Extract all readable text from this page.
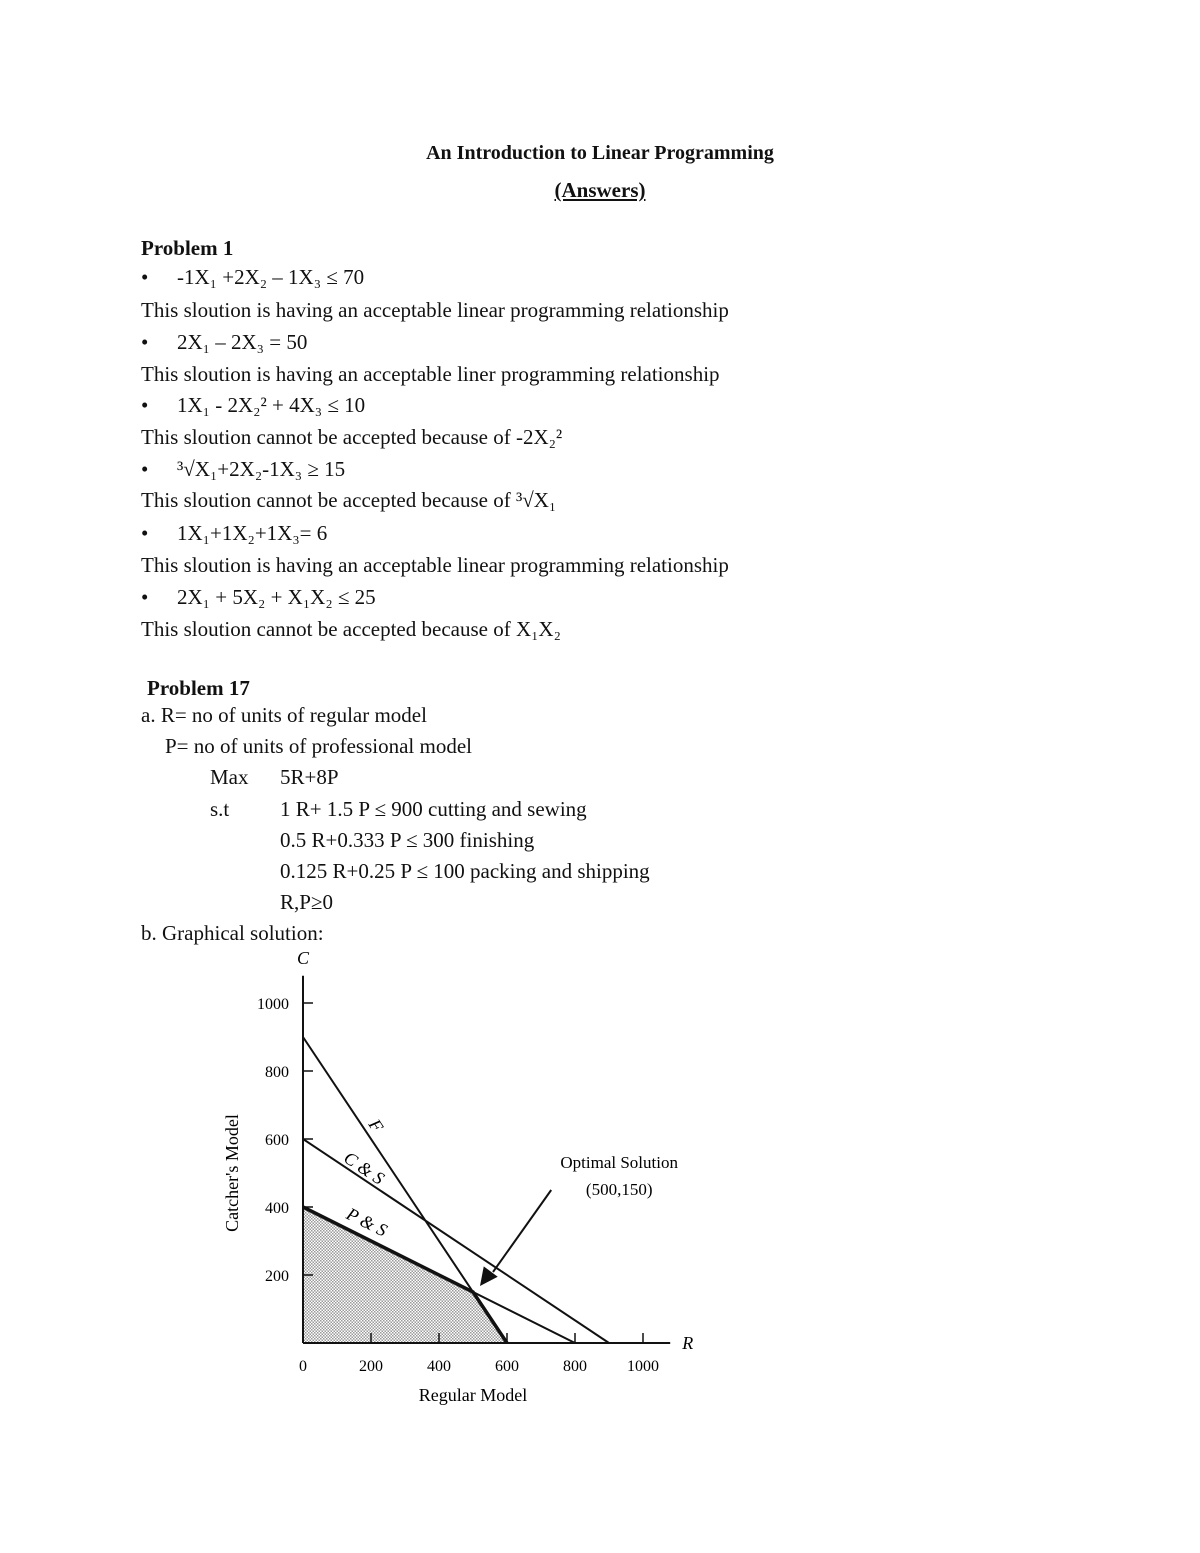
An Introduction to Linear Programming
(Answers)
Problem 1
• -1X₁ +2X₂ – 1X₃ ≤ 70
This sloution is having an acceptable linear programming relationship
• 2X₁ – 2X₃ = 50
This sloution is having an acceptable liner programming relationship
• 1X₁ - 2X₂² + 4X₃ ≤ 10
This sloution cannot be accepted because of -2X₂²
• ³√X₁+2X₂-1X₃ ≥ 15
This sloution cannot be accepted because of ³√X₁
• 1X₁+1X₂+1X₃= 6
This sloution is having an acceptable linear programming relationship
• 2X₁ + 5X₂ + X₁X₂ ≤ 25
This sloution cannot be accepted because of X₁X₂
Problem 17
a. R= no of units of regular model
P= no of units of professional model
Max 5R+8P
s.t 1 R+ 1.5 P ≤ 900 cutting and sewing
0.5 R+0.333 P ≤ 300 finishing
0.125 R+0.25 P ≤ 100 packing and shipping
R,P≥0
b. Graphical solution:
200
400
600
800
1000
0	200	400	600	800	1000
C
R
Regular Model
Catcher's Model	F
C & S
P & S
Optimal Solution
(500,150)
